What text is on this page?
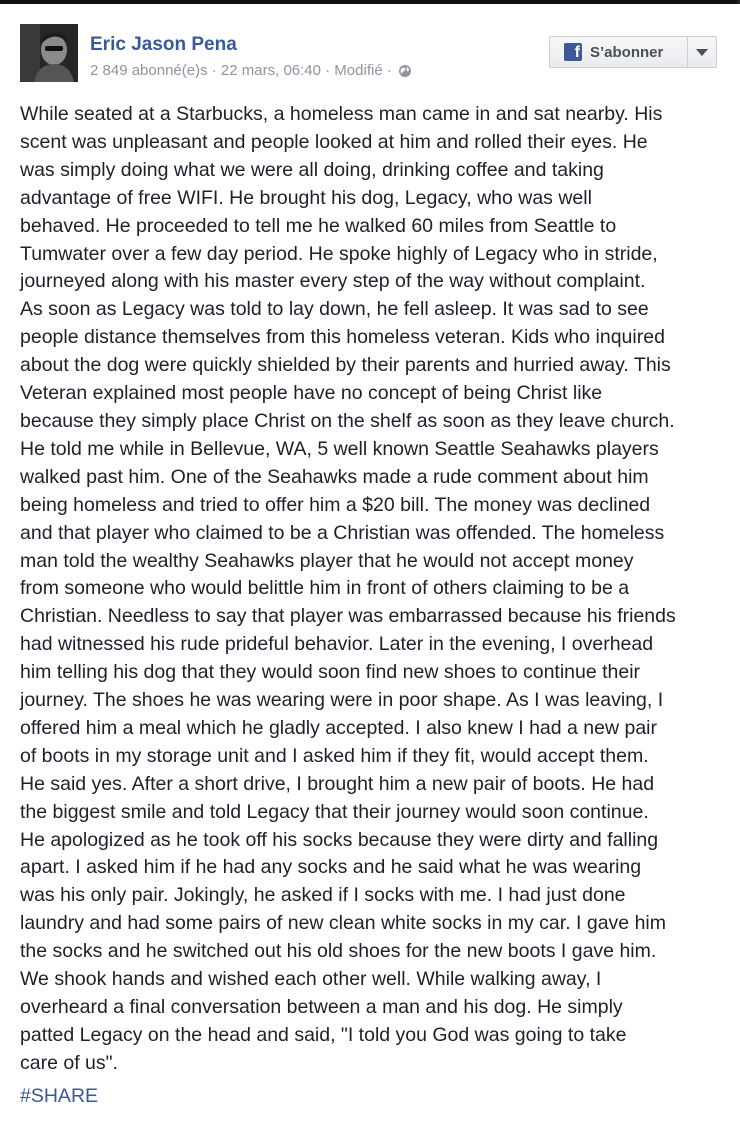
Eric Jason Pena
2 849 abonné(e)s · 22 mars, 06:40 · Modifié ·
f S’abonner
While seated at a Starbucks, a homeless man came in and sat nearby. His
scent was unpleasant and people looked at him and rolled their eyes. He
was simply doing what we were all doing, drinking coffee and taking
advantage of free WIFI. He brought his dog, Legacy, who was well
behaved. He proceeded to tell me he walked 60 miles from Seattle to
Tumwater over a few day period. He spoke highly of Legacy who in stride,
journeyed along with his master every step of the way without complaint.
As soon as Legacy was told to lay down, he fell asleep. It was sad to see
people distance themselves from this homeless veteran. Kids who inquired
about the dog were quickly shielded by their parents and hurried away. This
Veteran explained most people have no concept of being Christ like
because they simply place Christ on the shelf as soon as they leave church.
He told me while in Bellevue, WA, 5 well known Seattle Seahawks players
walked past him. One of the Seahawks made a rude comment about him
being homeless and tried to offer him a $20 bill. The money was declined
and that player who claimed to be a Christian was offended. The homeless
man told the wealthy Seahawks player that he would not accept money
from someone who would belittle him in front of others claiming to be a
Christian. Needless to say that player was embarrassed because his friends
had witnessed his rude prideful behavior. Later in the evening, I overhead
him telling his dog that they would soon find new shoes to continue their
journey. The shoes he was wearing were in poor shape. As I was leaving, I
offered him a meal which he gladly accepted. I also knew I had a new pair
of boots in my storage unit and I asked him if they fit, would accept them.
He said yes. After a short drive, I brought him a new pair of boots. He had
the biggest smile and told Legacy that their journey would soon continue.
He apologized as he took off his socks because they were dirty and falling
apart. I asked him if he had any socks and he said what he was wearing
was his only pair. Jokingly, he asked if I socks with me. I had just done
laundry and had some pairs of new clean white socks in my car. I gave him
the socks and he switched out his old shoes for the new boots I gave him.
We shook hands and wished each other well. While walking away, I
overheard a final conversation between a man and his dog. He simply
patted Legacy on the head and said, "I told you God was going to take
care of us".
#SHARE
